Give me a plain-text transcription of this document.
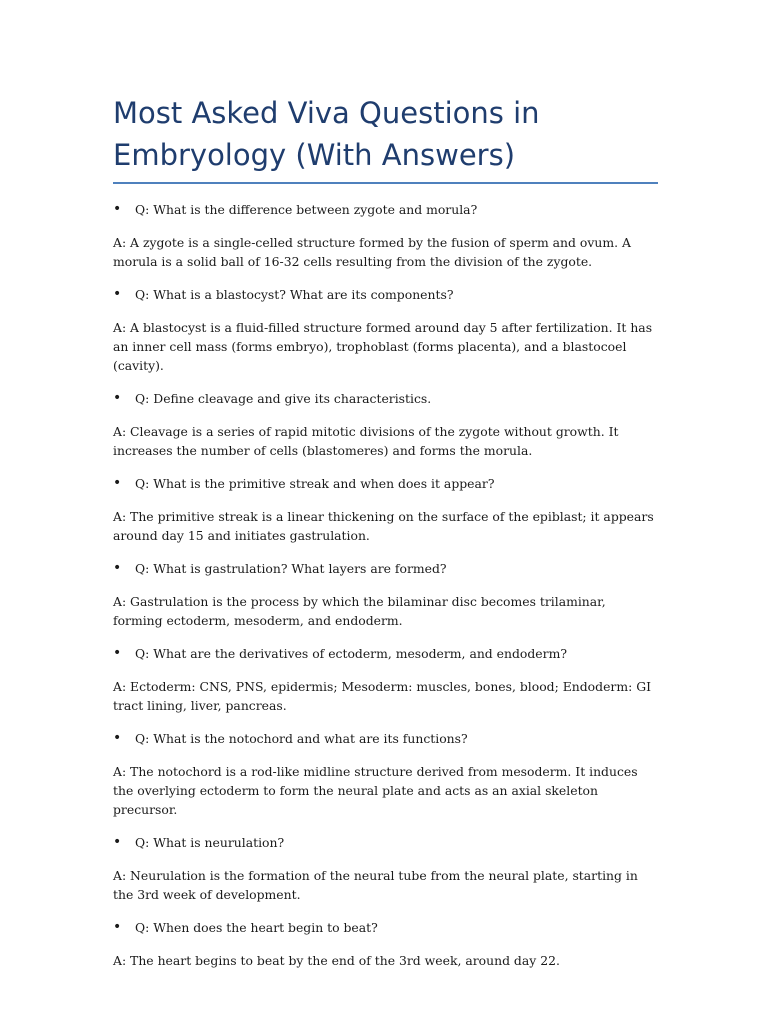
Most Asked Viva Questions in Embryology (With Answers)

• Q: What is the difference between zygote and morula?

A: A zygote is a single-celled structure formed by the fusion of sperm and ovum. A morula is a solid ball of 16-32 cells resulting from the division of the zygote.

• Q: What is a blastocyst? What are its components?

A: A blastocyst is a fluid-filled structure formed around day 5 after fertilization. It has an inner cell mass (forms embryo), trophoblast (forms placenta), and a blastocoel (cavity).

• Q: Define cleavage and give its characteristics.

A: Cleavage is a series of rapid mitotic divisions of the zygote without growth. It increases the number of cells (blastomeres) and forms the morula.

• Q: What is the primitive streak and when does it appear?

A: The primitive streak is a linear thickening on the surface of the epiblast; it appears around day 15 and initiates gastrulation.

• Q: What is gastrulation? What layers are formed?

A: Gastrulation is the process by which the bilaminar disc becomes trilaminar, forming ectoderm, mesoderm, and endoderm.

• Q: What are the derivatives of ectoderm, mesoderm, and endoderm?

A: Ectoderm: CNS, PNS, epidermis; Mesoderm: muscles, bones, blood; Endoderm: GI tract lining, liver, pancreas.

• Q: What is the notochord and what are its functions?

A: The notochord is a rod-like midline structure derived from mesoderm. It induces the overlying ectoderm to form the neural plate and acts as an axial skeleton precursor.

• Q: What is neurulation?

A: Neurulation is the formation of the neural tube from the neural plate, starting in the 3rd week of development.

• Q: When does the heart begin to beat?

A: The heart begins to beat by the end of the 3rd week, around day 22.
